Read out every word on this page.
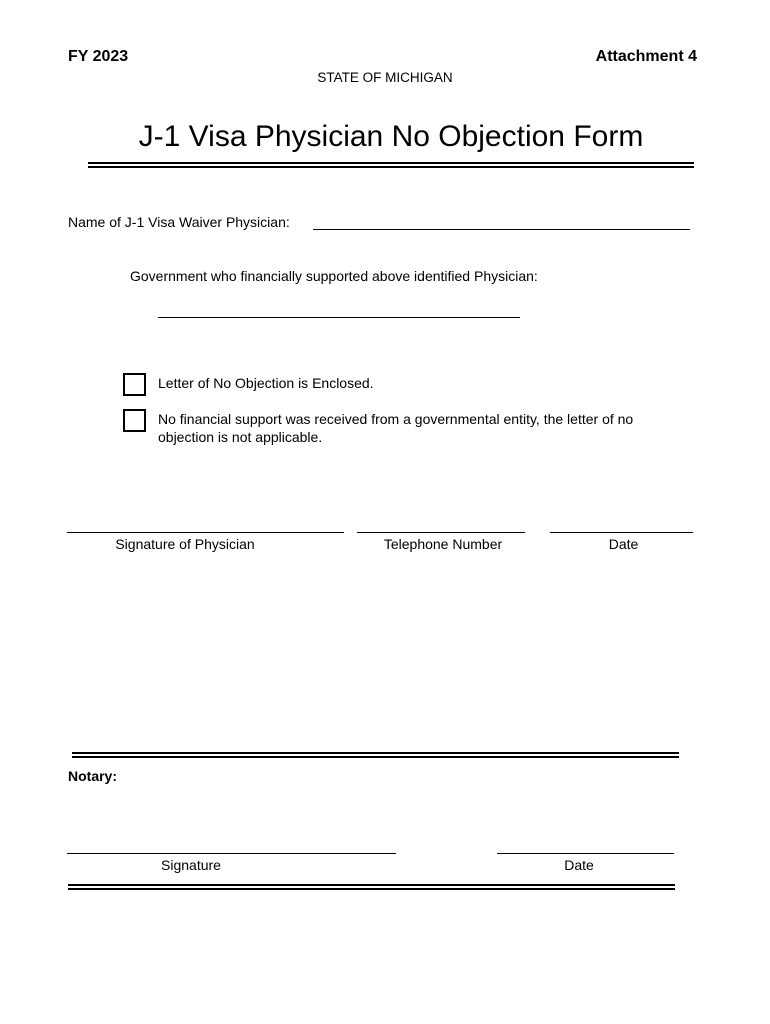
FY 2023	Attachment 4
STATE OF MICHIGAN
J-1 Visa Physician No Objection Form
Name of J-1 Visa Waiver Physician:
Government who financially supported above identified Physician:
Letter of No Objection is Enclosed.
No financial support was received from a governmental entity, the letter of no objection is not applicable.
Signature of Physician	Telephone Number	Date
Notary:
Signature	Date
